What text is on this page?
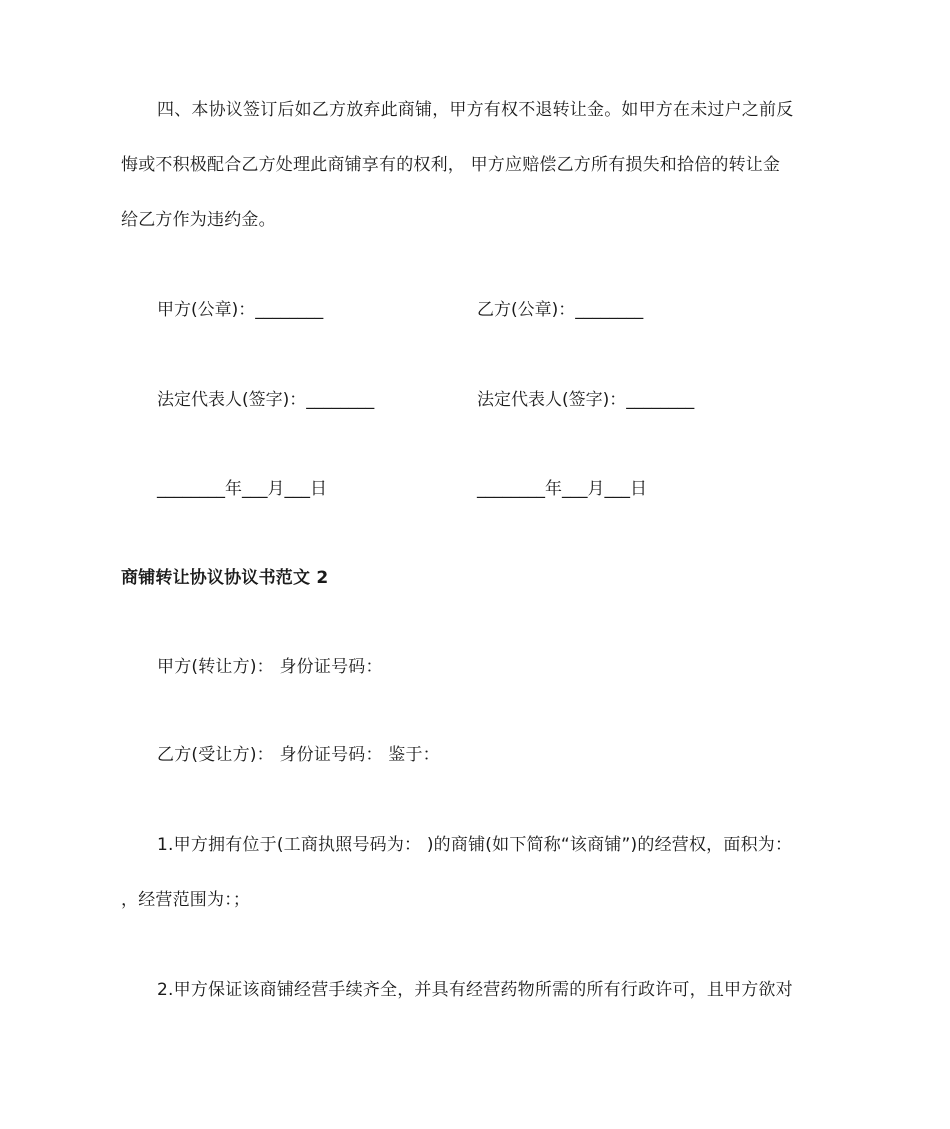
四、本协议签订后如乙方放弃此商铺，甲方有权不退转让金。如甲方在未过户之前反
悔或不积极配合乙方处理此商铺享有的权利， 甲方应赔偿乙方所有损失和拾倍的转让金
给乙方作为违约金。
甲方(公章)：________	乙方(公章)：________
法定代表人(签字)：________	法定代表人(签字)：________
________年___月___日	________年___月___日
商铺转让协议协议书范文 2
甲方(转让方)： 身份证号码：
乙方(受让方)： 身份证号码： 鉴于：
1.甲方拥有位于(工商执照号码为： )的商铺(如下简称“该商铺”)的经营权，面积为：
，经营范围为：；
2.甲方保证该商铺经营手续齐全，并具有经营药物所需的所有行政许可，且甲方欲对
